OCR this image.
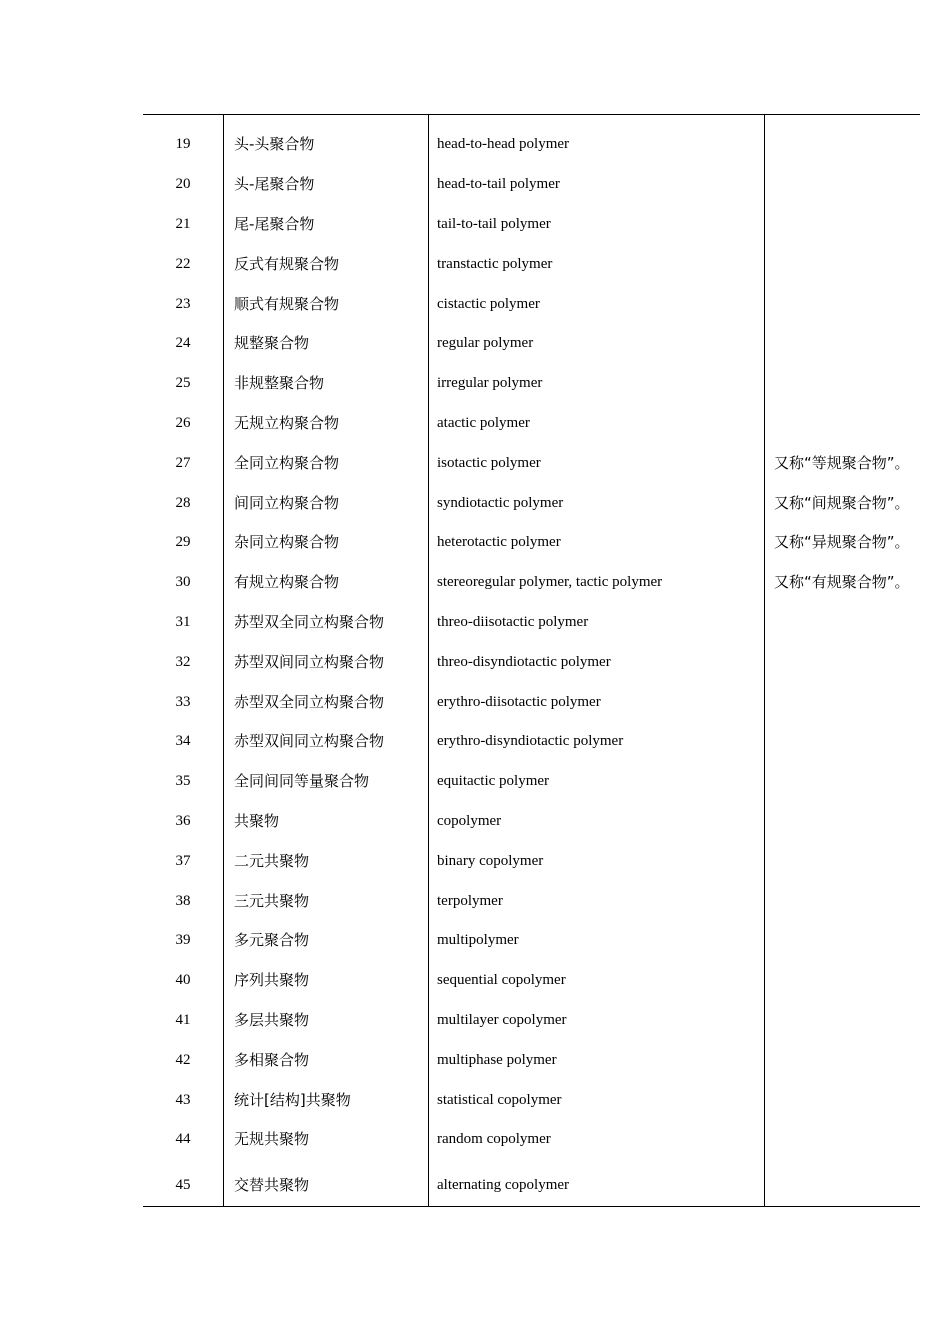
19	头-头聚合物	head-to-head polymer	
20	头-尾聚合物	head-to-tail polymer	
21	尾-尾聚合物	tail-to-tail polymer	
22	反式有规聚合物	transtactic polymer	
23	顺式有规聚合物	cistactic polymer	
24	规整聚合物	regular polymer	
25	非规整聚合物	irregular polymer	
26	无规立构聚合物	atactic polymer	
27	全同立构聚合物	isotactic polymer	又称“等规聚合物”。
28	间同立构聚合物	syndiotactic polymer	又称“间规聚合物”。
29	杂同立构聚合物	heterotactic polymer	又称“异规聚合物”。
30	有规立构聚合物	stereoregular polymer, tactic polymer	又称“有规聚合物”。
31	苏型双全同立构聚合物	threo-diisotactic polymer	
32	苏型双间同立构聚合物	threo-disyndiotactic polymer	
33	赤型双全同立构聚合物	erythro-diisotactic polymer	
34	赤型双间同立构聚合物	erythro-disyndiotactic polymer	
35	全同间同等量聚合物	equitactic polymer	
36	共聚物	copolymer	
37	二元共聚物	binary copolymer	
38	三元共聚物	terpolymer	
39	多元聚合物	multipolymer	
40	序列共聚物	sequential copolymer	
41	多层共聚物	multilayer copolymer	
42	多相聚合物	multiphase polymer	
43	统计[结构]共聚物	statistical copolymer	
44	无规共聚物	random copolymer	
45	交替共聚物	alternating copolymer	
